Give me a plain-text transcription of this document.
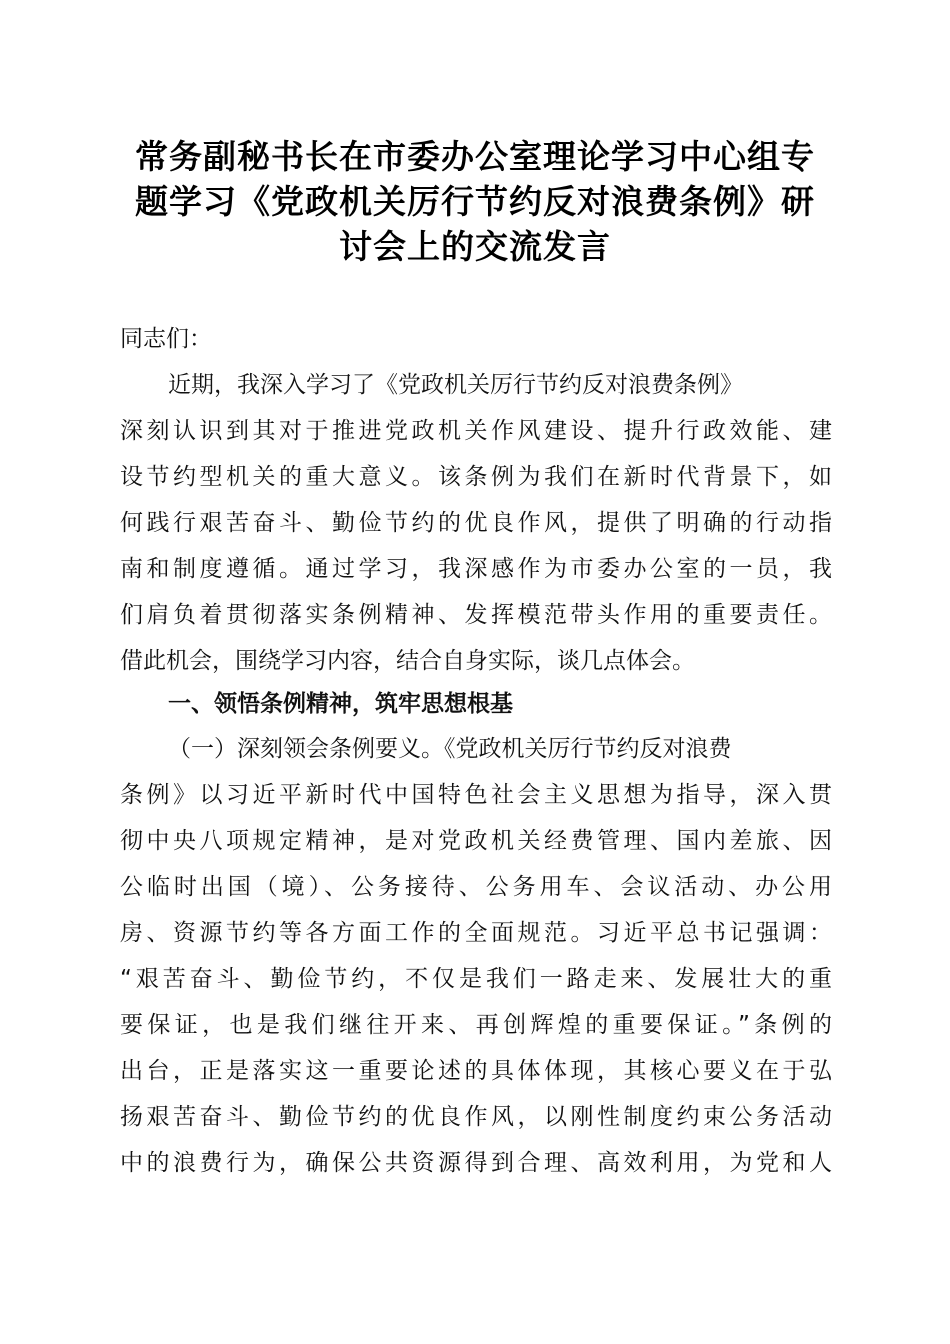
常务副秘书长在市委办公室理论学习中心组专
题学习《党政机关厉行节约反对浪费条例》研
讨会上的交流发言
同志们：
近期，我深入学习了《党政机关厉行节约反对浪费条例》
深刻认识到其对于推进党政机关作风建设、提升行政效能、建
设节约型机关的重大意义。该条例为我们在新时代背景下，如
何践行艰苦奋斗、勤俭节约的优良作风，提供了明确的行动指
南和制度遵循。通过学习，我深感作为市委办公室的一员，我
们肩负着贯彻落实条例精神、发挥模范带头作用的重要责任。
借此机会，围绕学习内容，结合自身实际，谈几点体会。
一、领悟条例精神，筑牢思想根基
（一）深刻领会条例要义。《党政机关厉行节约反对浪费
条例》以习近平新时代中国特色社会主义思想为指导，深入贯
彻中央八项规定精神，是对党政机关经费管理、国内差旅、因
公临时出国（境）、公务接待、公务用车、会议活动、办公用
房、资源节约等各方面工作的全面规范。习近平总书记强调：
“艰苦奋斗、勤俭节约，不仅是我们一路走来、发展壮大的重
要保证，也是我们继往开来、再创辉煌的重要保证。”条例的
出台，正是落实这一重要论述的具体体现，其核心要义在于弘
扬艰苦奋斗、勤俭节约的优良作风，以刚性制度约束公务活动
中的浪费行为，确保公共资源得到合理、高效利用，为党和人
